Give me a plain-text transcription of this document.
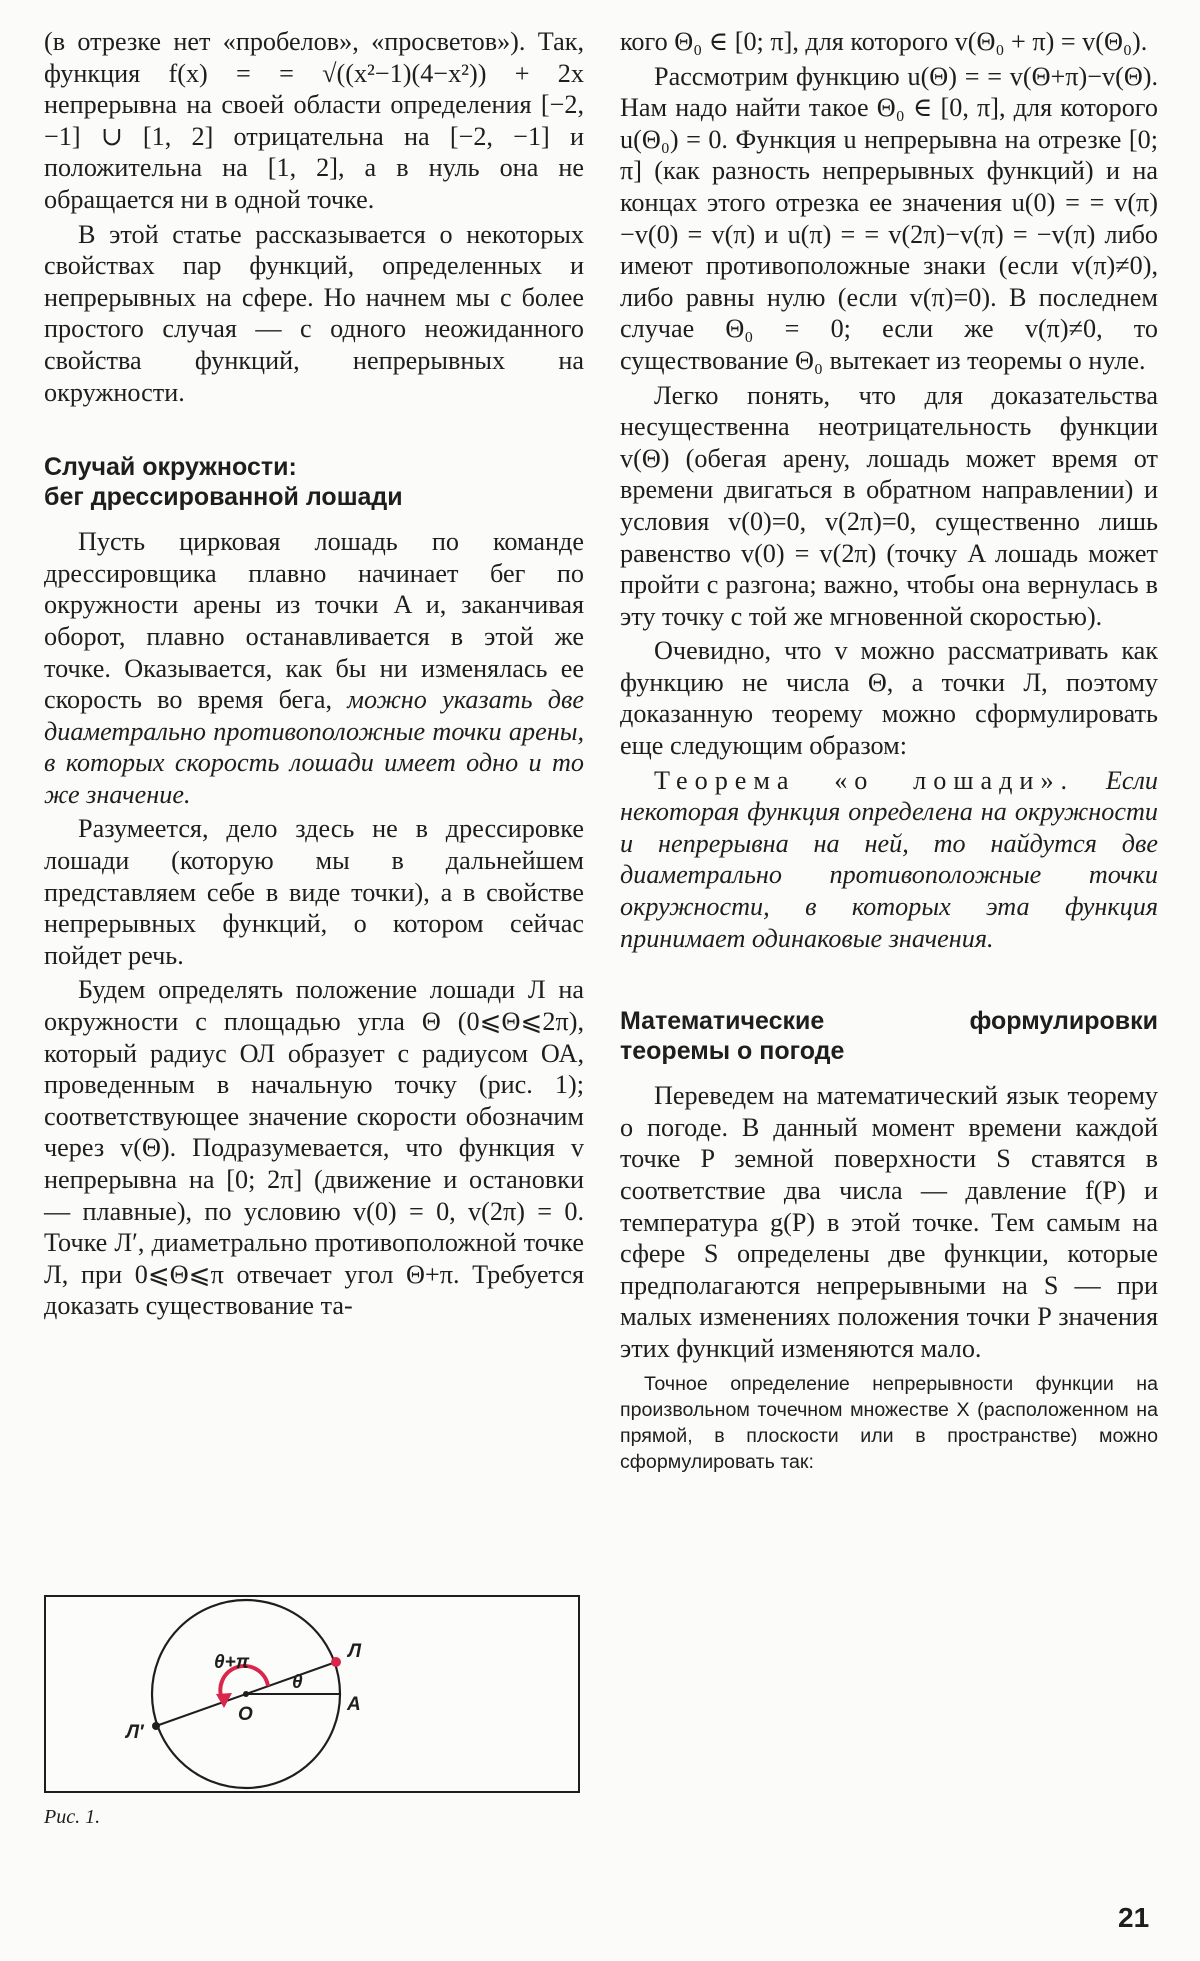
(в отрезке нет «пробелов», «просветов»). Так, функция f(x) = = √((x²−1)(4−x²)) + 2x непрерывна на своей области определения [−2, −1] ∪ [1, 2] отрицательна на [−2, −1] и положительна на [1, 2], а в нуль она не обращается ни в одной точке.

В этой статье рассказывается о некоторых свойствах пар функций, определенных и непрерывных на сфере. Но начнем мы с более простого случая — с одного неожиданного свойства функций, непрерывных на окружности.

Случай окружности:
бег дрессированной лошади

Пусть цирковая лошадь по команде дрессировщика плавно начинает бег по окружности арены из точки A и, заканчивая оборот, плавно останавливается в этой же точке. Оказывается, как бы ни изменялась ее скорость во время бега, можно указать две диаметрально противоположные точки арены, в которых скорость лошади имеет одно и то же значение.

Разумеется, дело здесь не в дрессировке лошади (которую мы в дальнейшем представляем себе в виде точки), а в свойстве непрерывных функций, о котором сейчас пойдет речь.

Будем определять положение лошади Л на окружности с площадью угла Θ (0⩽Θ⩽2π), который радиус ОЛ образует с радиусом ОА, проведенным в начальную точку (рис. 1); соответствующее значение скорости обозначим через v(Θ). Подразумевается, что функция v непрерывна на [0; 2π] (движение и остановки — плавные), по условию v(0) = 0, v(2π) = 0. Точке Л′, диаметрально противоположной точке Л, при 0⩽Θ⩽π отвечает угол Θ+π. Требуется доказать существование та-

кого Θ₀ ∈ [0; π], для которого v(Θ₀ + π) = v(Θ₀).

Рассмотрим функцию u(Θ) = = v(Θ+π)−v(Θ). Нам надо найти такое Θ₀ ∈ [0, π], для которого u(Θ₀) = 0. Функция u непрерывна на отрезке [0; π] (как разность непрерывных функций) и на концах этого отрезка ее значения u(0) = = v(π)−v(0) = v(π) и u(π) = = v(2π)−v(π) = −v(π) либо имеют противоположные знаки (если v(π)≠0), либо равны нулю (если v(π)=0). В последнем случае Θ₀ = 0; если же v(π)≠0, то существование Θ₀ вытекает из теоремы о нуле.

Легко понять, что для доказательства несущественна неотрицательность функции v(Θ) (обегая арену, лошадь может время от времени двигаться в обратном направлении) и условия v(0)=0, v(2π)=0, существенно лишь равенство v(0) = v(2π) (точку A лошадь может пройти с разгона; важно, чтобы она вернулась в эту точку с той же мгновенной скоростью).

Очевидно, что v можно рассматривать как функцию не числа Θ, а точки Л, поэтому доказанную теорему можно сформулировать еще следующим образом:

Теорема «о лошади». Если некоторая функция определена на окружности и непрерывна на ней, то найдутся две диаметрально противоположные точки окружности, в которых эта функция принимает одинаковые значения.

Математические	формулировки
теоремы о погоде

Переведем на математический язык теорему о погоде. В данный момент времени каждой точке P земной поверхности S ставятся в соответствие два числа — давление f(P) и температура g(P) в этой точке. Тем самым на сфере S определены две функции, которые предполагаются непрерывными на S — при малых изменениях положения точки P значения этих функций изменяются мало.

Точное определение непрерывности функции на произвольном точечном множестве X (расположенном на прямой, в плоскости или в пространстве) можно сформулировать так:
Л
A
O
θ
θ+π
Л′
Рис. 1.
21
